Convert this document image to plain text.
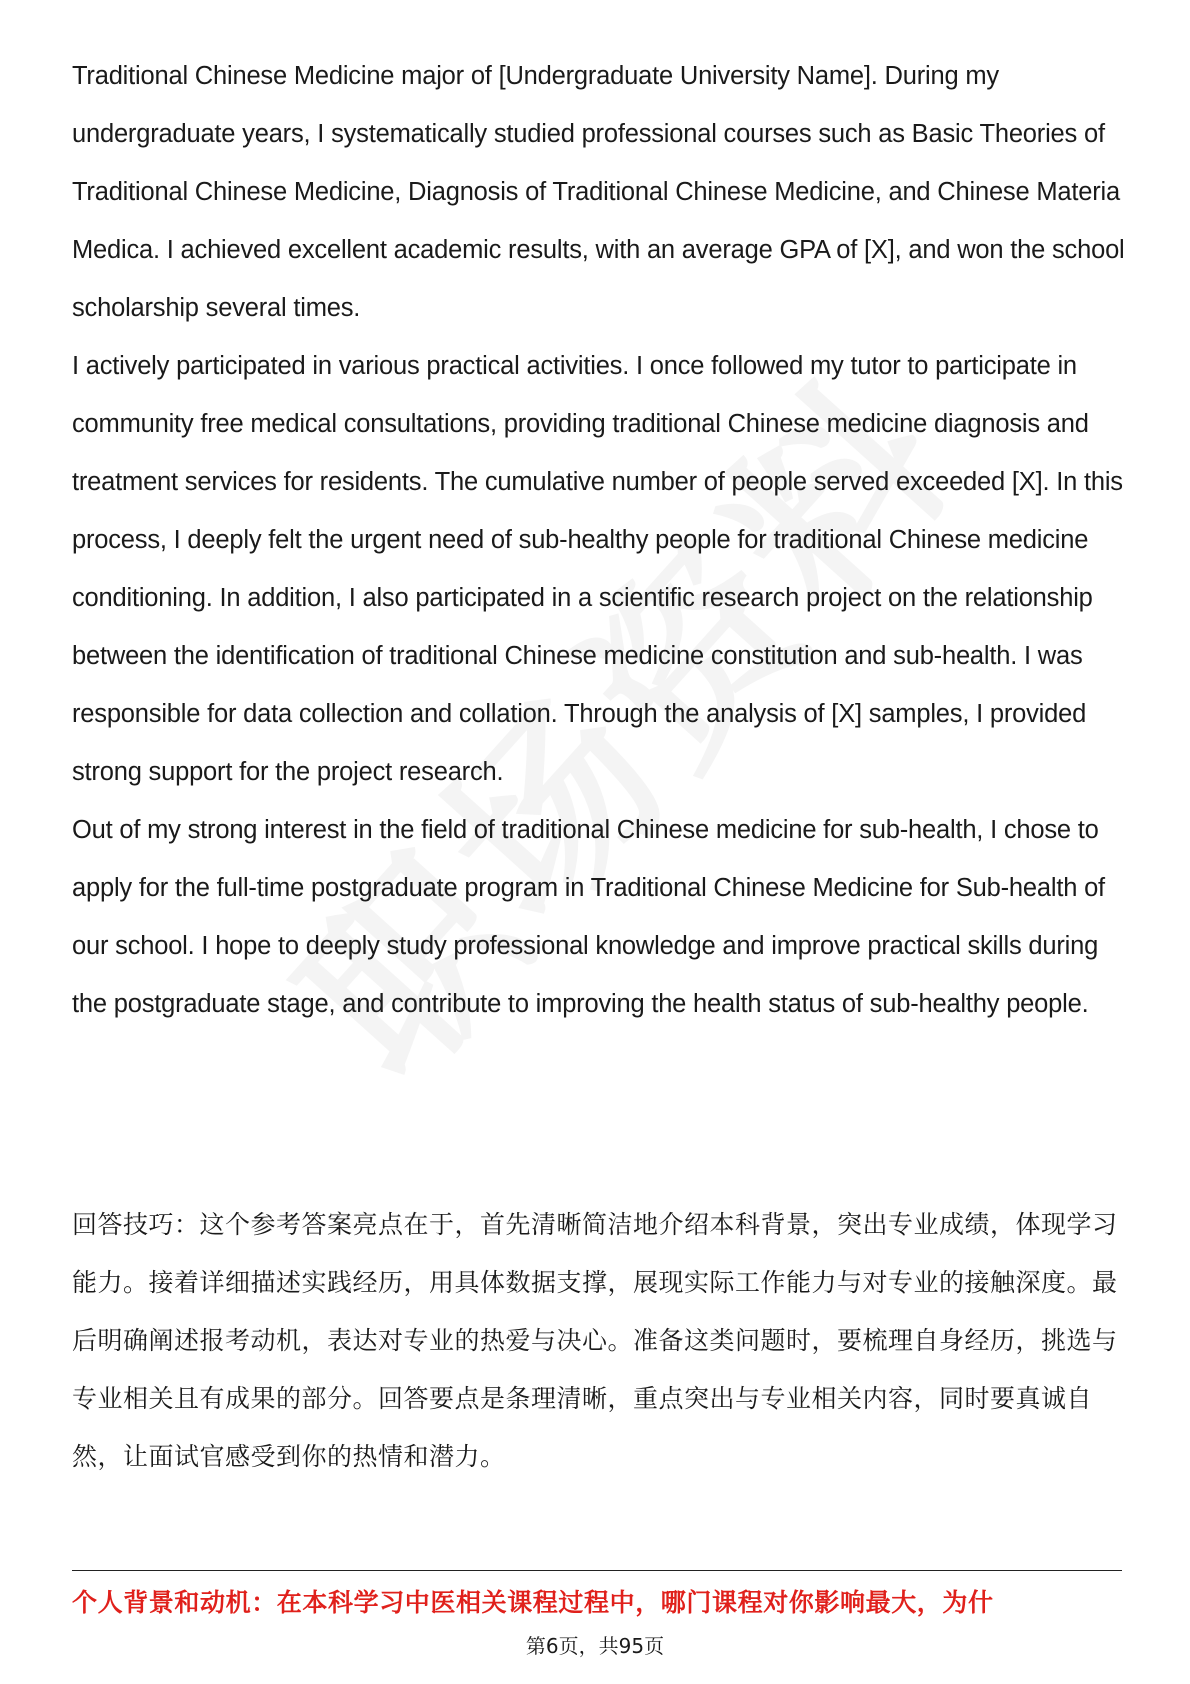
Traditional Chinese Medicine major of [Undergraduate University Name]. During my undergraduate years, I systematically studied professional courses such as Basic Theories of Traditional Chinese Medicine, Diagnosis of Traditional Chinese Medicine, and Chinese Materia Medica. I achieved excellent academic results, with an average GPA of [X], and won the school scholarship several times.

I actively participated in various practical activities. I once followed my tutor to participate in community free medical consultations, providing traditional Chinese medicine diagnosis and treatment services for residents. The cumulative number of people served exceeded [X]. In this process, I deeply felt the urgent need of sub-healthy people for traditional Chinese medicine conditioning. In addition, I also participated in a scientific research project on the relationship between the identification of traditional Chinese medicine constitution and sub-health. I was responsible for data collection and collation. Through the analysis of [X] samples, I provided strong support for the project research.

Out of my strong interest in the field of traditional Chinese medicine for sub-health, I chose to apply for the full-time postgraduate program in Traditional Chinese Medicine for Sub-health of our school. I hope to deeply study professional knowledge and improve practical skills during the postgraduate stage, and contribute to improving the health status of sub-healthy people.

回答技巧：这个参考答案亮点在于，首先清晰简洁地介绍本科背景，突出专业成绩，体现学习能力。接着详细描述实践经历，用具体数据支撑，展现实际工作能力与对专业的接触深度。最后明确阐述报考动机，表达对专业的热爱与决心。准备这类问题时，要梳理自身经历，挑选与专业相关且有成果的部分。回答要点是条理清晰，重点突出与专业相关内容，同时要真诚自然，让面试官感受到你的热情和潜力。

个人背景和动机：在本科学习中医相关课程过程中，哪门课程对你影响最大，为什
第6页，共95页
